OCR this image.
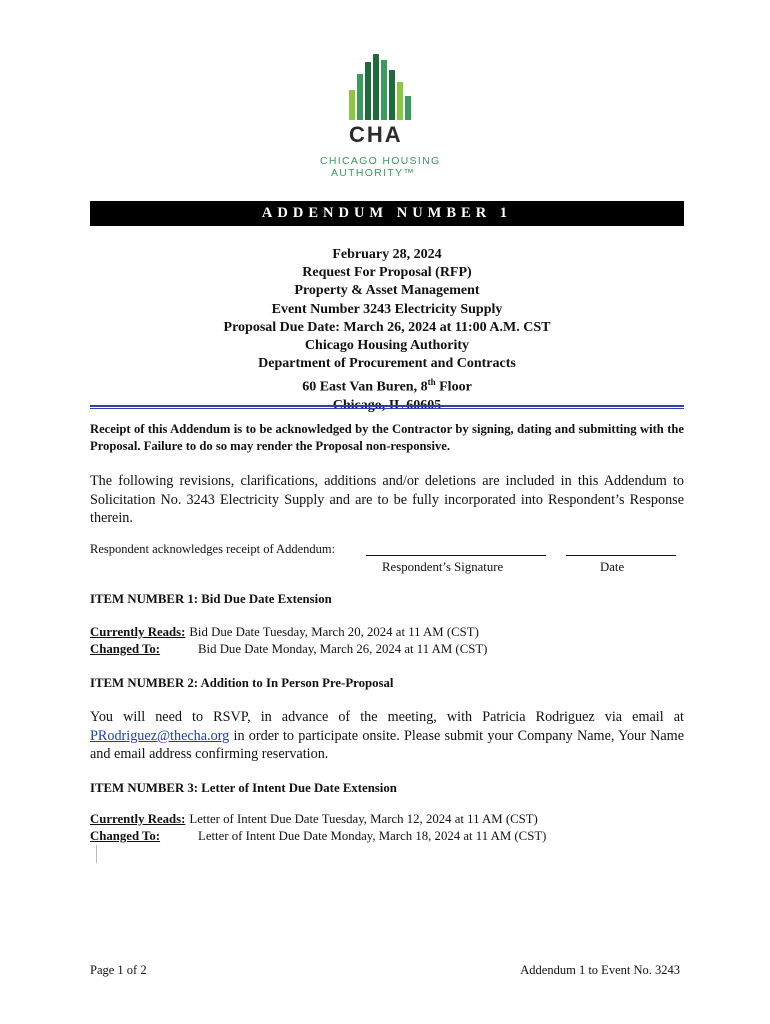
CHA
CHICAGO HOUSING
AUTHORITY™
ADDENDUM NUMBER 1
February 28, 2024
Request For Proposal (RFP)
Property & Asset Management
Event Number 3243 Electricity Supply
Proposal Due Date: March 26, 2024 at 11:00 A.M. CST
Chicago Housing Authority
Department of Procurement and Contracts
60 East Van Buren, 8th Floor
Chicago, IL 60605
Receipt of this Addendum is to be acknowledged by the Contractor by signing, dating and submitting with the Proposal. Failure to do so may render the Proposal non-responsive.
The following revisions, clarifications, additions and/or deletions are included in this Addendum to Solicitation No. 3243 Electricity Supply and are to be fully incorporated into Respondent’s Response therein.
Respondent acknowledges receipt of Addendum:
Respondent’s Signature	Date
ITEM NUMBER 1: Bid Due Date Extension
Currently Reads: Bid Due Date Tuesday, March 20, 2024 at 11 AM (CST)
Changed To:	Bid Due Date Monday, March 26, 2024 at 11 AM (CST)
ITEM NUMBER 2: Addition to In Person Pre-Proposal
You will need to RSVP, in advance of the meeting, with Patricia Rodriguez via email at PRodriguez@thecha.org in order to participate onsite. Please submit your Company Name, Your Name and email address confirming reservation.
ITEM NUMBER 3: Letter of Intent Due Date Extension
Currently Reads: Letter of Intent Due Date Tuesday, March 12, 2024 at 11 AM (CST)
Changed To:	Letter of Intent Due Date Monday, March 18, 2024 at 11 AM (CST)
Page 1 of 2	Addendum 1 to Event No. 3243
